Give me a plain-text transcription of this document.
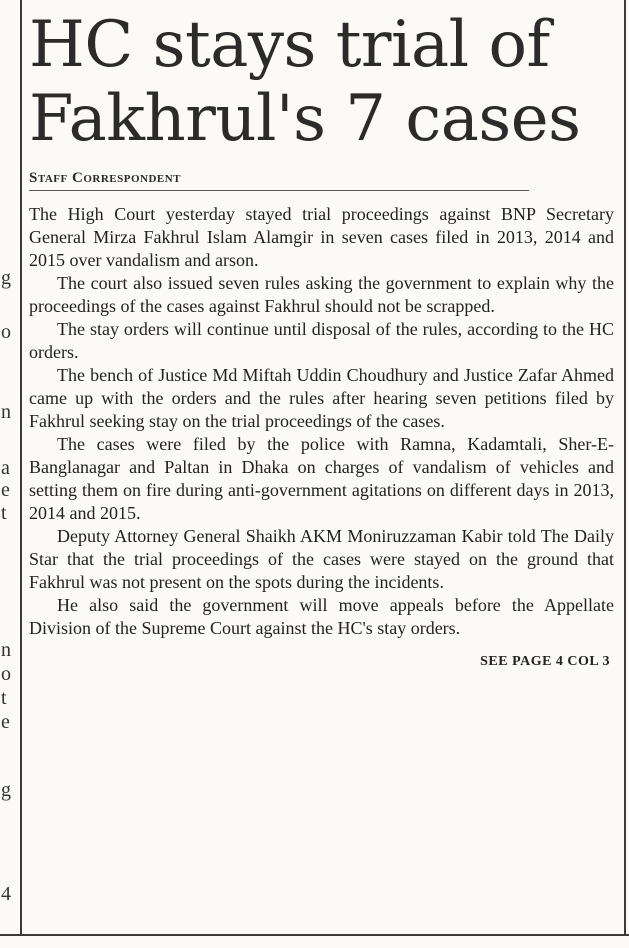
g
o
n
a
e
t
n
o
t
e
g
4
HC stays trial of Fakhrul's 7 cases
Staff Correspondent

The High Court yesterday stayed trial proceedings against BNP Secretary General Mirza Fakhrul Islam Alamgir in seven cases filed in 2013, 2014 and 2015 over vandalism and arson.

The court also issued seven rules asking the government to explain why the proceedings of the cases against Fakhrul should not be scrapped.

The stay orders will continue until disposal of the rules, according to the HC orders.

The bench of Justice Md Miftah Uddin Choudhury and Justice Zafar Ahmed came up with the orders and the rules after hearing seven petitions filed by Fakhrul seeking stay on the trial proceedings of the cases.

The cases were filed by the police with Ramna, Kadamtali, Sher-E-Banglanagar and Paltan in Dhaka on charges of vandalism of vehicles and setting them on fire during anti-government agitations on different days in 2013, 2014 and 2015.

Deputy Attorney General Shaikh AKM Moniruzzaman Kabir told The Daily Star that the trial proceedings of the cases were stayed on the ground that Fakhrul was not present on the spots during the incidents.

He also said the government will move appeals before the Appellate Division of the Supreme Court against the HC's stay orders.

SEE PAGE 4 COL 3
